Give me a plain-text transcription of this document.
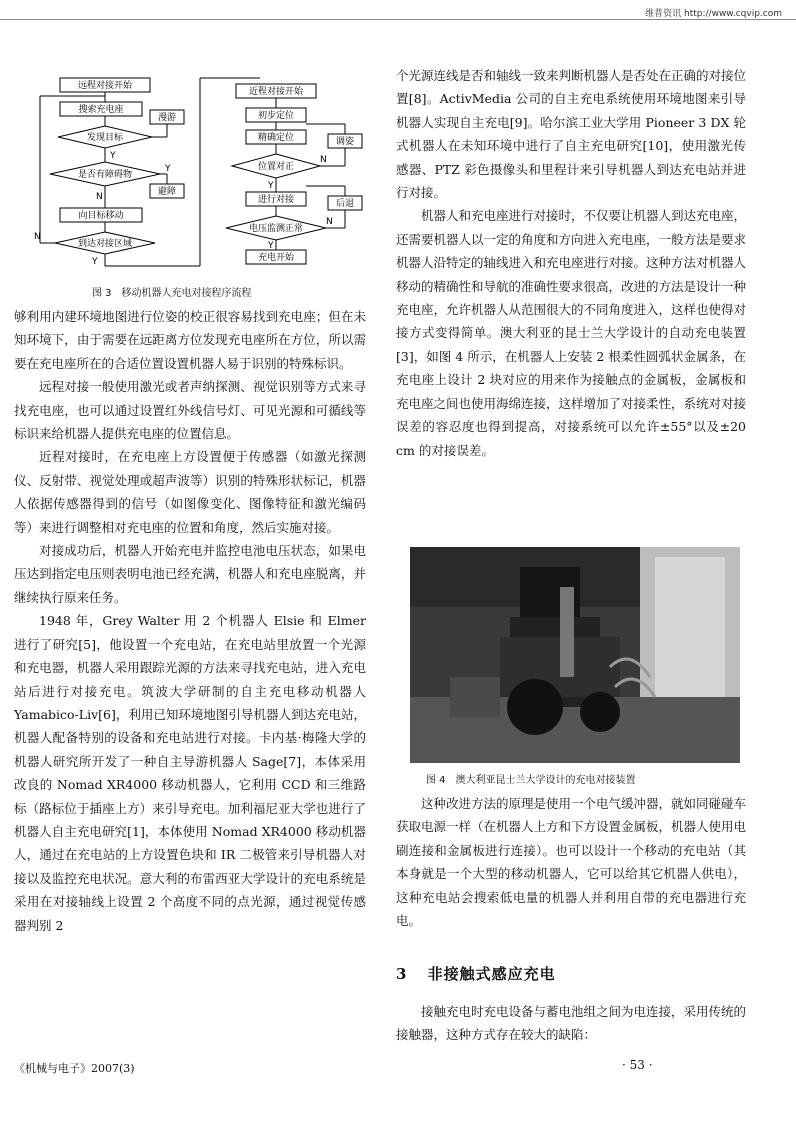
维普资讯 http://www.cqvip.com
远程对接开始
搜索充电座
漫游
发现目标
是否有障碍物
避障
向目标移动
到达对接区域
Y
Y
N
N
Y
近程对接开始
初步定位
精确定位	调姿
位置对正
进行对接	后退
电压监测正常
充电开始
N
Y
N
Y
图 3　移动机器人充电对接程序流程

够利用内建环境地图进行位姿的校正很容易找到充电座；但在未知环境下，由于需要在远距离方位发现充电座所在方位，所以需要在充电座所在的合适位置设置机器人易于识别的特殊标识。

远程对接一般使用激光或者声纳探测、视觉识别等方式来寻找充电座，也可以通过设置红外线信号灯、可见光源和可循线等标识来给机器人提供充电座的位置信息。

近程对接时，在充电座上方设置便于传感器（如激光探测仪、反射带、视觉处理或超声波等）识别的特殊形状标记，机器人依据传感器得到的信号（如图像变化、图像特征和激光编码等）来进行调整相对充电座的位置和角度，然后实施对接。

对接成功后，机器人开始充电并监控电池电压状态，如果电压达到指定电压则表明电池已经充满，机器人和充电座脱离，并继续执行原来任务。

1948 年，Grey Walter 用 2 个机器人 Elsie 和 Elmer 进行了研究[5]，他设置一个充电站，在充电站里放置一个光源和充电器，机器人采用跟踪光源的方法来寻找充电站，进入充电站后进行对接充电。筑波大学研制的自主充电移动机器人 Yamabico-Liv[6]，利用已知环境地图引导机器人到达充电站，机器人配备特别的设备和充电站进行对接。卡内基·梅隆大学的机器人研究所开发了一种自主导游机器人 Sage[7]，本体采用改良的 Nomad XR4000 移动机器人，它利用 CCD 和三维路标（路标位于插座上方）来引导充电。加利福尼亚大学也进行了机器人自主充电研究[1]，本体使用 Nomad XR4000 移动机器人，通过在充电站的上方设置色块和 IR 二极管来引导机器人对接以及监控充电状况。意大利的布雷西亚大学设计的充电系统是采用在对接轴线上设置 2 个高度不同的点光源，通过视觉传感器判别 2

个光源连线是否和轴线一致来判断机器人是否处在正确的对接位置[8]。ActivMedia 公司的自主充电系统使用环境地图来引导机器人实现自主充电[9]。哈尔滨工业大学用 Pioneer 3 DX 轮式机器人在未知环境中进行了自主充电研究[10]，使用激光传感器、PTZ 彩色摄像头和里程计来引导机器人到达充电站并进行对接。

机器人和充电座进行对接时，不仅要让机器人到达充电座，还需要机器人以一定的角度和方向进入充电座，一般方法是要求机器人沿特定的轴线进入和充电座进行对接。这种方法对机器人移动的精确性和导航的准确性要求很高，改进的方法是设计一种充电座，允许机器人从范围很大的不同角度进入，这样也使得对接方式变得简单。澳大利亚的昆士兰大学设计的自动充电装置[3]，如图 4 所示，在机器人上安装 2 根柔性圆弧状金属条，在充电座上设计 2 块对应的用来作为接触点的金属板，金属板和充电座之间也使用海绵连接，这样增加了对接柔性，系统对对接误差的容忍度也得到提高，对接系统可以允许±55°以及±20 cm 的对接误差。

图 4　澳大利亚昆士兰大学设计的充电对接装置

这种改进方法的原理是使用一个电气缓冲器，就如同碰碰车获取电源一样（在机器人上方和下方设置金属板，机器人使用电刷连接和金属板进行连接）。也可以设计一个移动的充电站（其本身就是一个大型的移动机器人，它可以给其它机器人供电），这种充电站会搜索低电量的机器人并利用自带的充电器进行充电。

3 非接触式感应充电

接触充电时充电设备与蓄电池组之间为电连接，采用传统的接触器，这种方式存在较大的缺陷：

《机械与电子》2007(3)	· 53 ·
